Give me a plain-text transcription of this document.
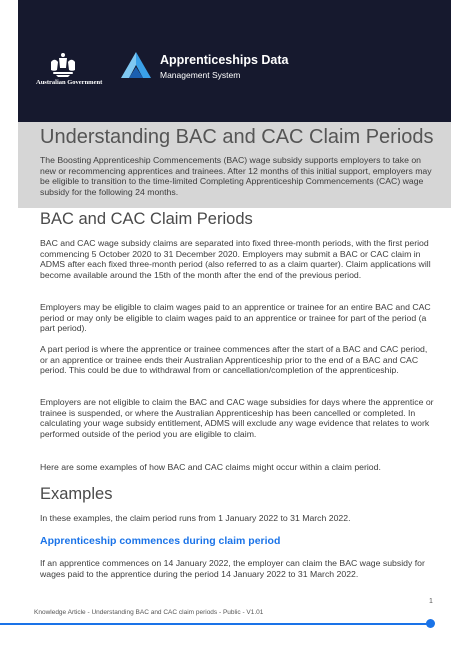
Australian Government
Apprenticeships Data
Management System
Understanding BAC and CAC Claim Periods

The Boosting Apprenticeship Commencements (BAC) wage subsidy supports employers to take on new or recommencing apprentices and trainees. After 12 months of this initial support, employers may be eligible to transition to the time-limited Completing Apprenticeship Commencements (CAC) wage subsidy for the following 24 months.

BAC and CAC Claim Periods

BAC and CAC wage subsidy claims are separated into fixed three-month periods, with the first period commencing 5 October 2020 to 31 December 2020. Employers may submit a BAC or CAC claim in ADMS after each fixed three-month period (also referred to as a claim quarter). Claim applications will become available around the 15th of the month after the end of the previous period.

Employers may be eligible to claim wages paid to an apprentice or trainee for an entire BAC and CAC period or may only be eligible to claim wages paid to an apprentice or trainee for part of the period (a part period).

A part period is where the apprentice or trainee commences after the start of a BAC and CAC period, or an apprentice or trainee ends their Australian Apprenticeship prior to the end of a BAC and CAC period. This could be due to withdrawal from or cancellation/completion of the apprenticeship.

Employers are not eligible to claim the BAC and CAC wage subsidies for days where the apprentice or trainee is suspended, or where the Australian Apprenticeship has been cancelled or completed. In calculating your wage subsidy entitlement, ADMS will exclude any wage evidence that relates to work performed outside of the period you are eligible to claim.

Here are some examples of how BAC and CAC claims might occur within a claim period.

Examples

In these examples, the claim period runs from 1 January 2022 to 31 March 2022.

Apprenticeship commences during claim period

If an apprentice commences on 14 January 2022, the employer can claim the BAC wage subsidy for wages paid to the apprentice during the period 14 January 2022 to 31 March 2022.

1
Knowledge Article - Understanding BAC and CAC claim periods - Public - V1.01
